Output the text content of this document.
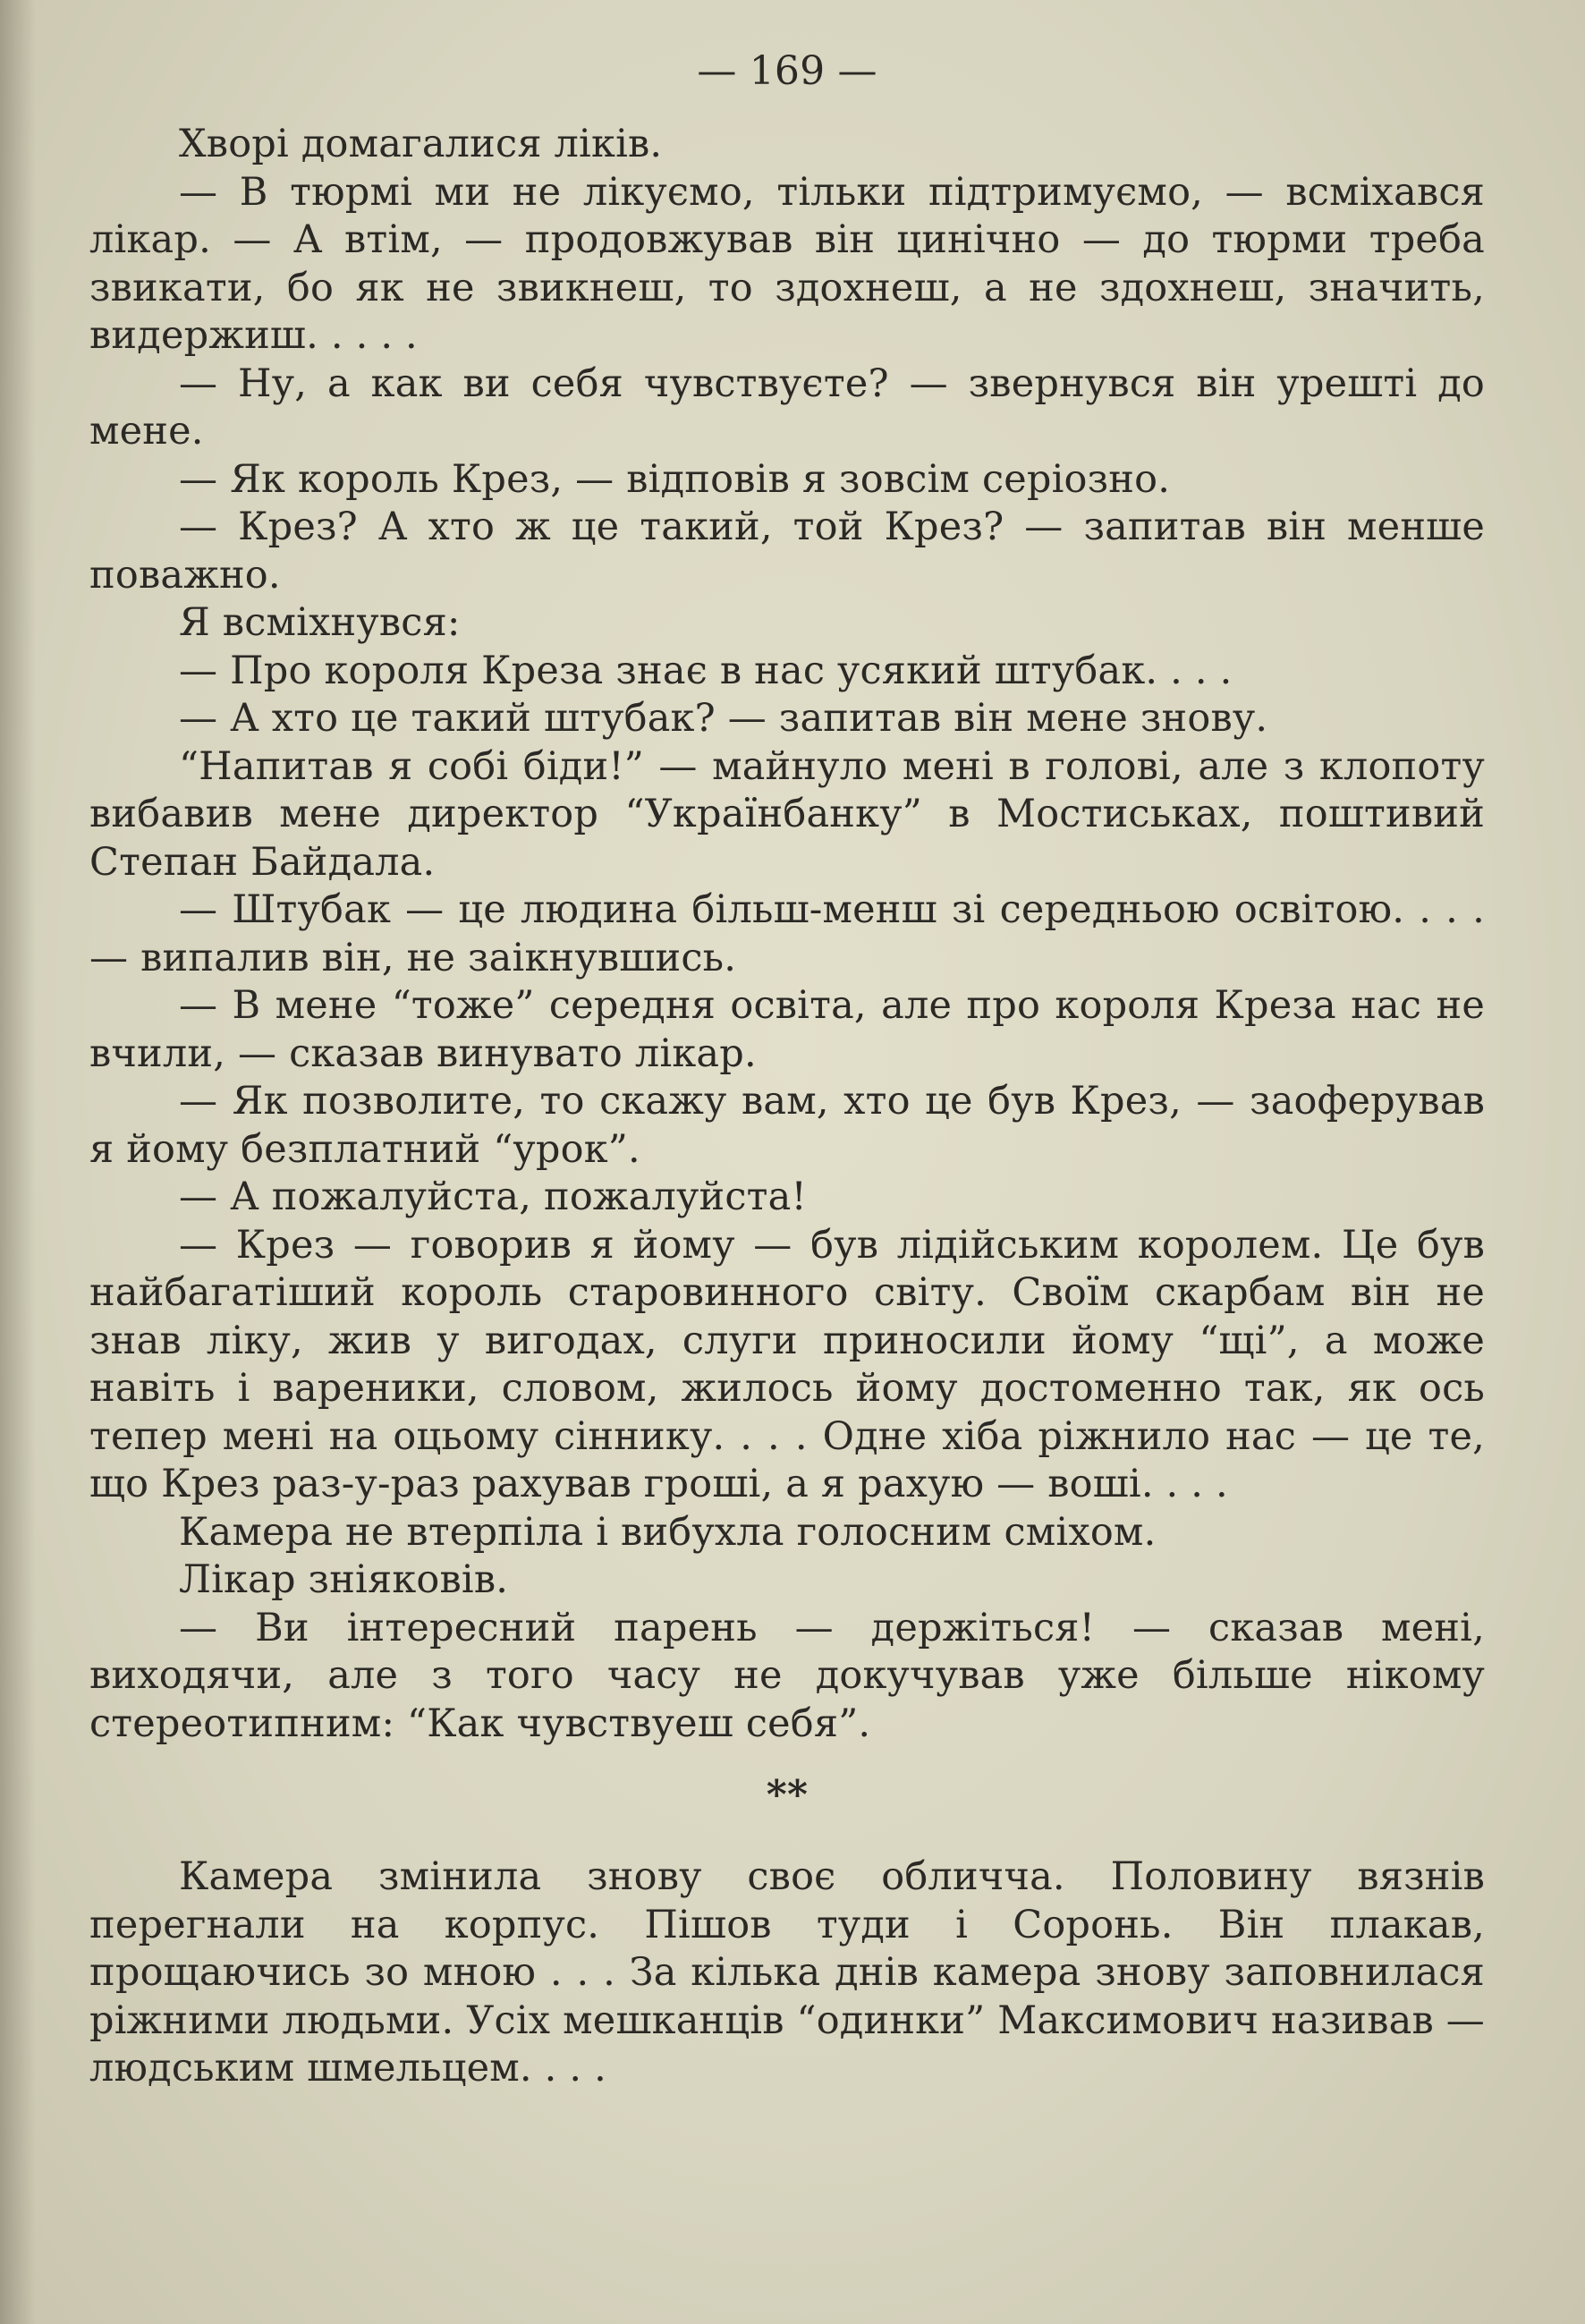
— 169 —

Хворі домагалися ліків.

— В тюрмі ми не лікуємо, тільки підтримуємо, — всміхався лікар. — А втім, — продовжував він цинічно — до тюрми треба звикати, бо як не звикнеш, то здохнеш, а не здохнеш, значить, видержиш. . . . .

— Ну, а как ви себя чувствуєте? — звернувся він урешті до мене.

— Як король Крез, — відповів я зовсім серіозно.

— Крез? А хто ж це такий, той Крез? — запитав він менше поважно.

Я всміхнувся:

— Про короля Креза знає в нас усякий штубак. . . .

— А хто це такий штубак? — запитав він мене знову.

“Напитав я собі біди!” — майнуло мені в голові, але з клопоту вибавив мене директор “Українбанку” в Мостиськах, поштивий Степан Байдала.

— Штубак — це людина більш-менш зі середньою освітою. . . . — випалив він, не заікнувшись.

— В мене “тоже” середня освіта, але про короля Креза нас не вчили, — сказав винувато лікар.

— Як позволите, то скажу вам, хто це був Крез, — заоферував я йому безплатний “урок”.

— А пожалуйста, пожалуйста!

— Крез — говорив я йому — був лідійським королем. Це був найбагатіший король старовинного світу. Своїм скарбам він не знав ліку, жив у вигодах, слуги приносили йому “щі”, а може навіть і вареники, словом, жилось йому достоменно так, як ось тепер мені на оцьому сіннику. . . . Одне хіба ріжнило нас — це те, що Крез раз-у-раз рахував гроші, а я рахую — воші. . . .

Камера не втерпіла і вибухла голосним сміхом.

Лікар зніяковів.

— Ви інтересний парень — держіться! — сказав мені, виходячи, але з того часу не докучував уже більше нікому стереотипним: “Как чувствуеш себя”.

**

Камера змінила знову своє обличча. Половину вязнів перегнали на корпус. Пішов туди і Соронь. Він плакав, прощаючись зо мною . . . За кілька днів камера знову заповнилася ріжними людьми. Усіх мешканців “одинки” Максимович називав — людським шмельцем. . . .
